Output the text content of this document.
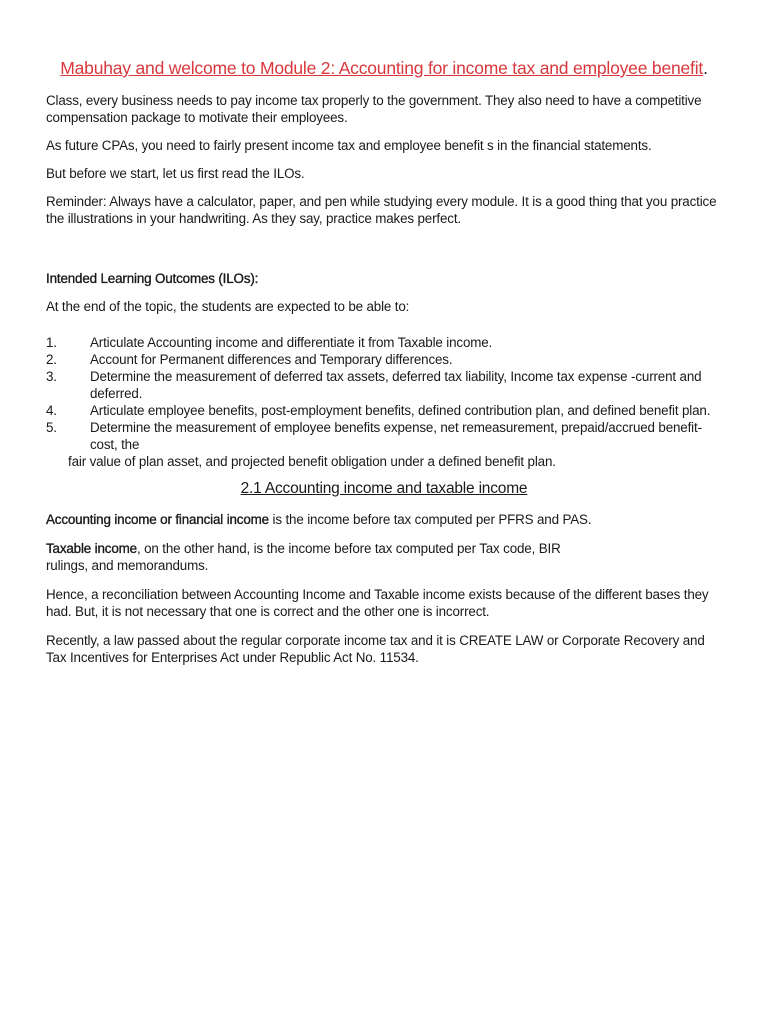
Mabuhay and welcome to Module 2: Accounting for income tax and employee benefit.

Class, every business needs to pay income tax properly to the government. They also need to have a competitive compensation package to motivate their employees.

As future CPAs, you need to fairly present income tax and employee benefit s in the financial statements.

But before we start, let us first read the ILOs.

Reminder: Always have a calculator, paper, and pen while studying every module. It is a good thing that you practice the illustrations in your handwriting. As they say, practice makes perfect.

Intended Learning Outcomes (ILOs):

At the end of the topic, the students are expected to be able to:

1. Articulate Accounting income and differentiate it from Taxable income.
2. Account for Permanent differences and Temporary differences.
3. Determine the measurement of deferred tax assets, deferred tax liability, Income tax expense -current and deferred.
4. Articulate employee benefits, post-employment benefits, defined contribution plan, and defined benefit plan.
5. Determine the measurement of employee benefits expense, net remeasurement, prepaid/accrued benefit-cost, the
fair value of plan asset, and projected benefit obligation under a defined benefit plan.
2.1 Accounting income and taxable income

Accounting income or financial income is the income before tax computed per PFRS and PAS.

Taxable income, on the other hand, is the income before tax computed per Tax code, BIR rulings, and memorandums.

Hence, a reconciliation between Accounting Income and Taxable income exists because of the different bases they had. But, it is not necessary that one is correct and the other one is incorrect.

Recently, a law passed about the regular corporate income tax and it is CREATE LAW or Corporate Recovery and Tax Incentives for Enterprises Act under Republic Act No. 11534.
